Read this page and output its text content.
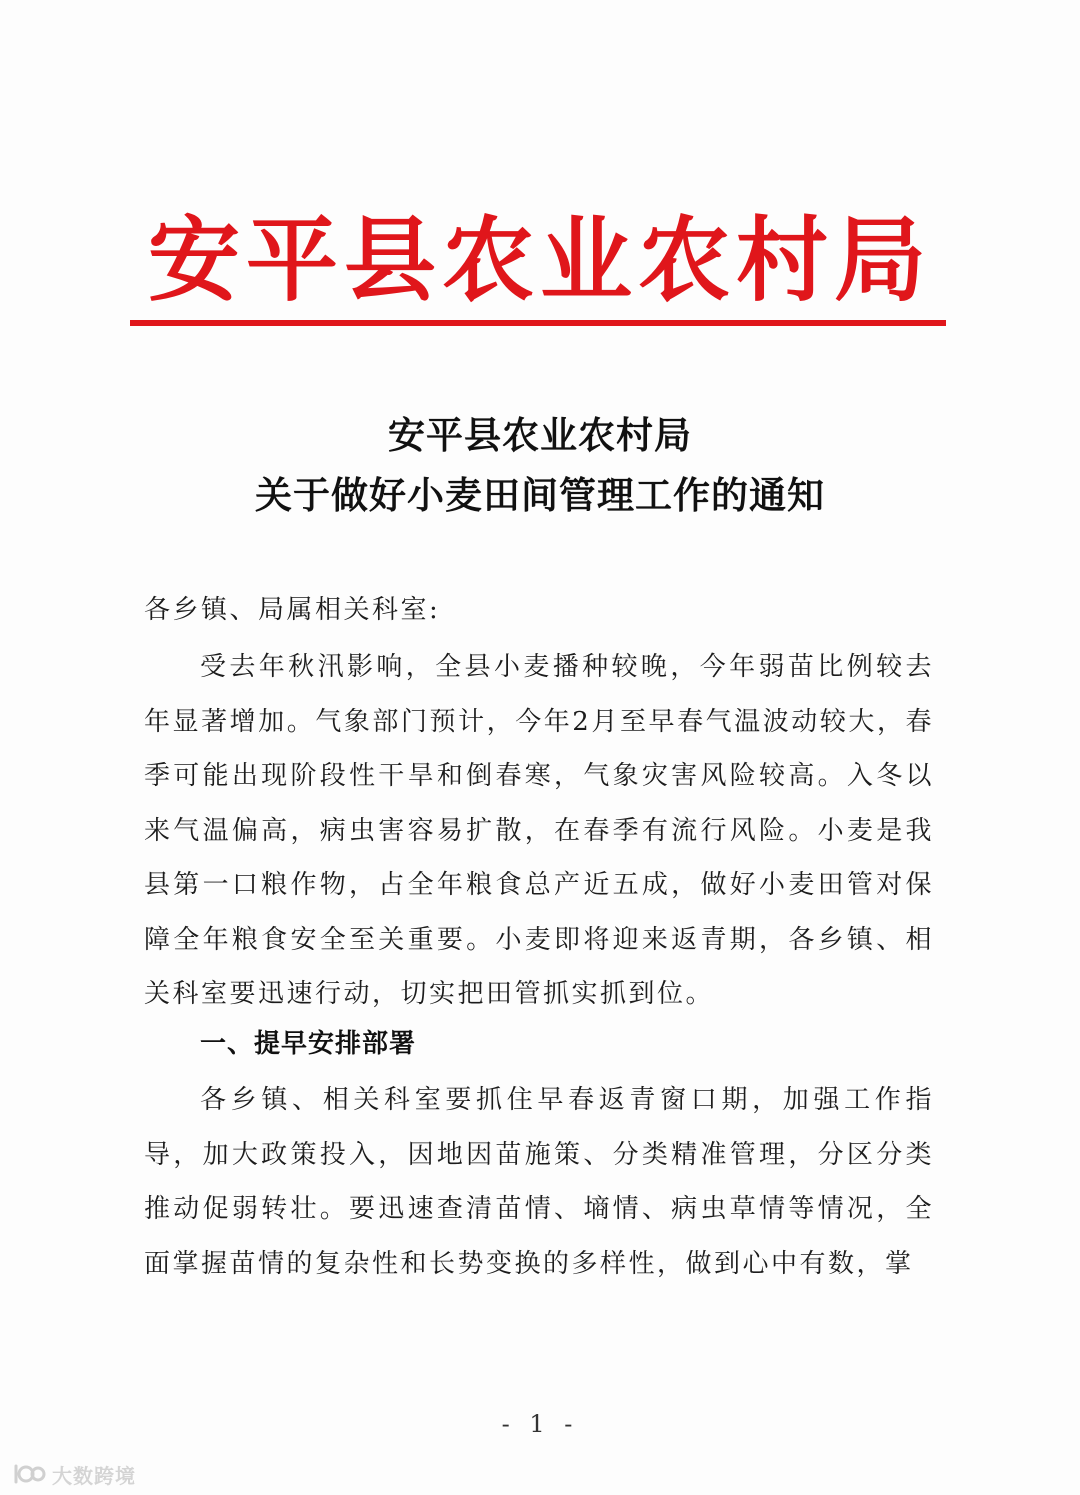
安平县农业农村局
安平县农业农村局
关于做好小麦田间管理工作的通知
各乡镇、局属相关科室:
受去年秋汛影响，全县小麦播种较晚，今年弱苗比例较去年显著增加。气象部门预计，今年2月至早春气温波动较大，春季可能出现阶段性干旱和倒春寒，气象灾害风险较高。入冬以来气温偏高，病虫害容易扩散，在春季有流行风险。小麦是我县第一口粮作物，占全年粮食总产近五成，做好小麦田管对保障全年粮食安全至关重要。小麦即将迎来返青期，各乡镇、相关科室要迅速行动，切实把田管抓实抓到位。
一、提早安排部署
各乡镇、相关科室要抓住早春返青窗口期，加强工作指导，加大政策投入，因地因苗施策、分类精准管理，分区分类推动促弱转壮。要迅速查清苗情、墒情、病虫草情等情况，全面掌握苗情的复杂性和长势变换的多样性，做到心中有数，掌
- 1 -
大数跨境
